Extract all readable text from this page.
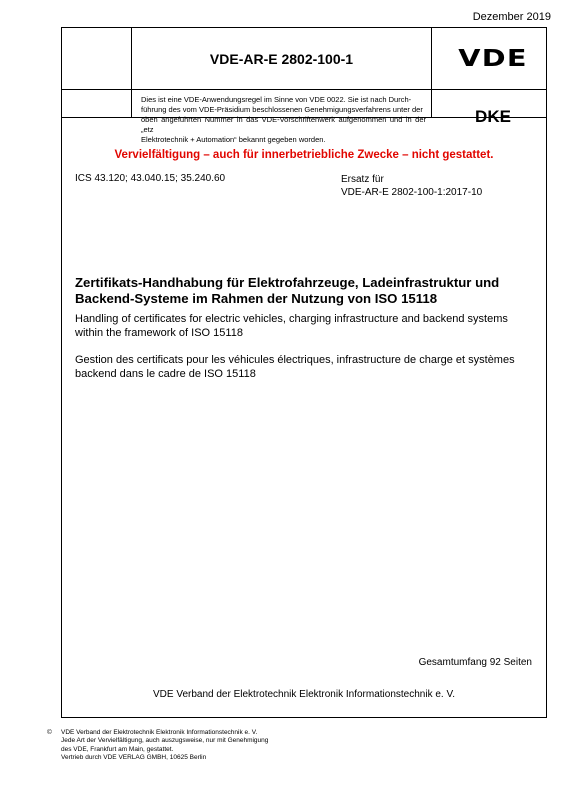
Dezember 2019
VDE-AR-E 2802-100-1	VDE
Dies ist eine VDE-Anwendungsregel im Sinne von VDE 0022. Sie ist nach Durch-
führung des vom VDE-Präsidium beschlossenen Genehmigungsverfahrens unter der
oben angeführten Nummer in das VDE-Vorschriftenwerk aufgenommen und in der „etz
Elektrotechnik + Automation“ bekannt gegeben worden.
DKE
Vervielfältigung – auch für innerbetriebliche Zwecke – nicht gestattet.
ICS 43.120; 43.040.15; 35.240.60	Ersatz für
VDE-AR-E 2802-100-1:2017-10
Zertifikats-Handhabung für Elektrofahrzeuge, Ladeinfrastruktur und
Backend-Systeme im Rahmen der Nutzung von ISO 15118
Handling of certificates for electric vehicles, charging infrastructure and backend systems
within the framework of ISO 15118
Gestion des certificats pour les véhicules électriques, infrastructure de charge et systèmes
backend dans le cadre de ISO 15118
Gesamtumfang 92 Seiten
VDE Verband der Elektrotechnik Elektronik Informationstechnik e. V.
© VDE Verband der Elektrotechnik Elektronik Informationstechnik e. V.
Jede Art der Vervielfältigung, auch auszugsweise, nur mit Genehmigung
des VDE, Frankfurt am Main, gestattet.
Vertrieb durch VDE VERLAG GMBH, 10625 Berlin
